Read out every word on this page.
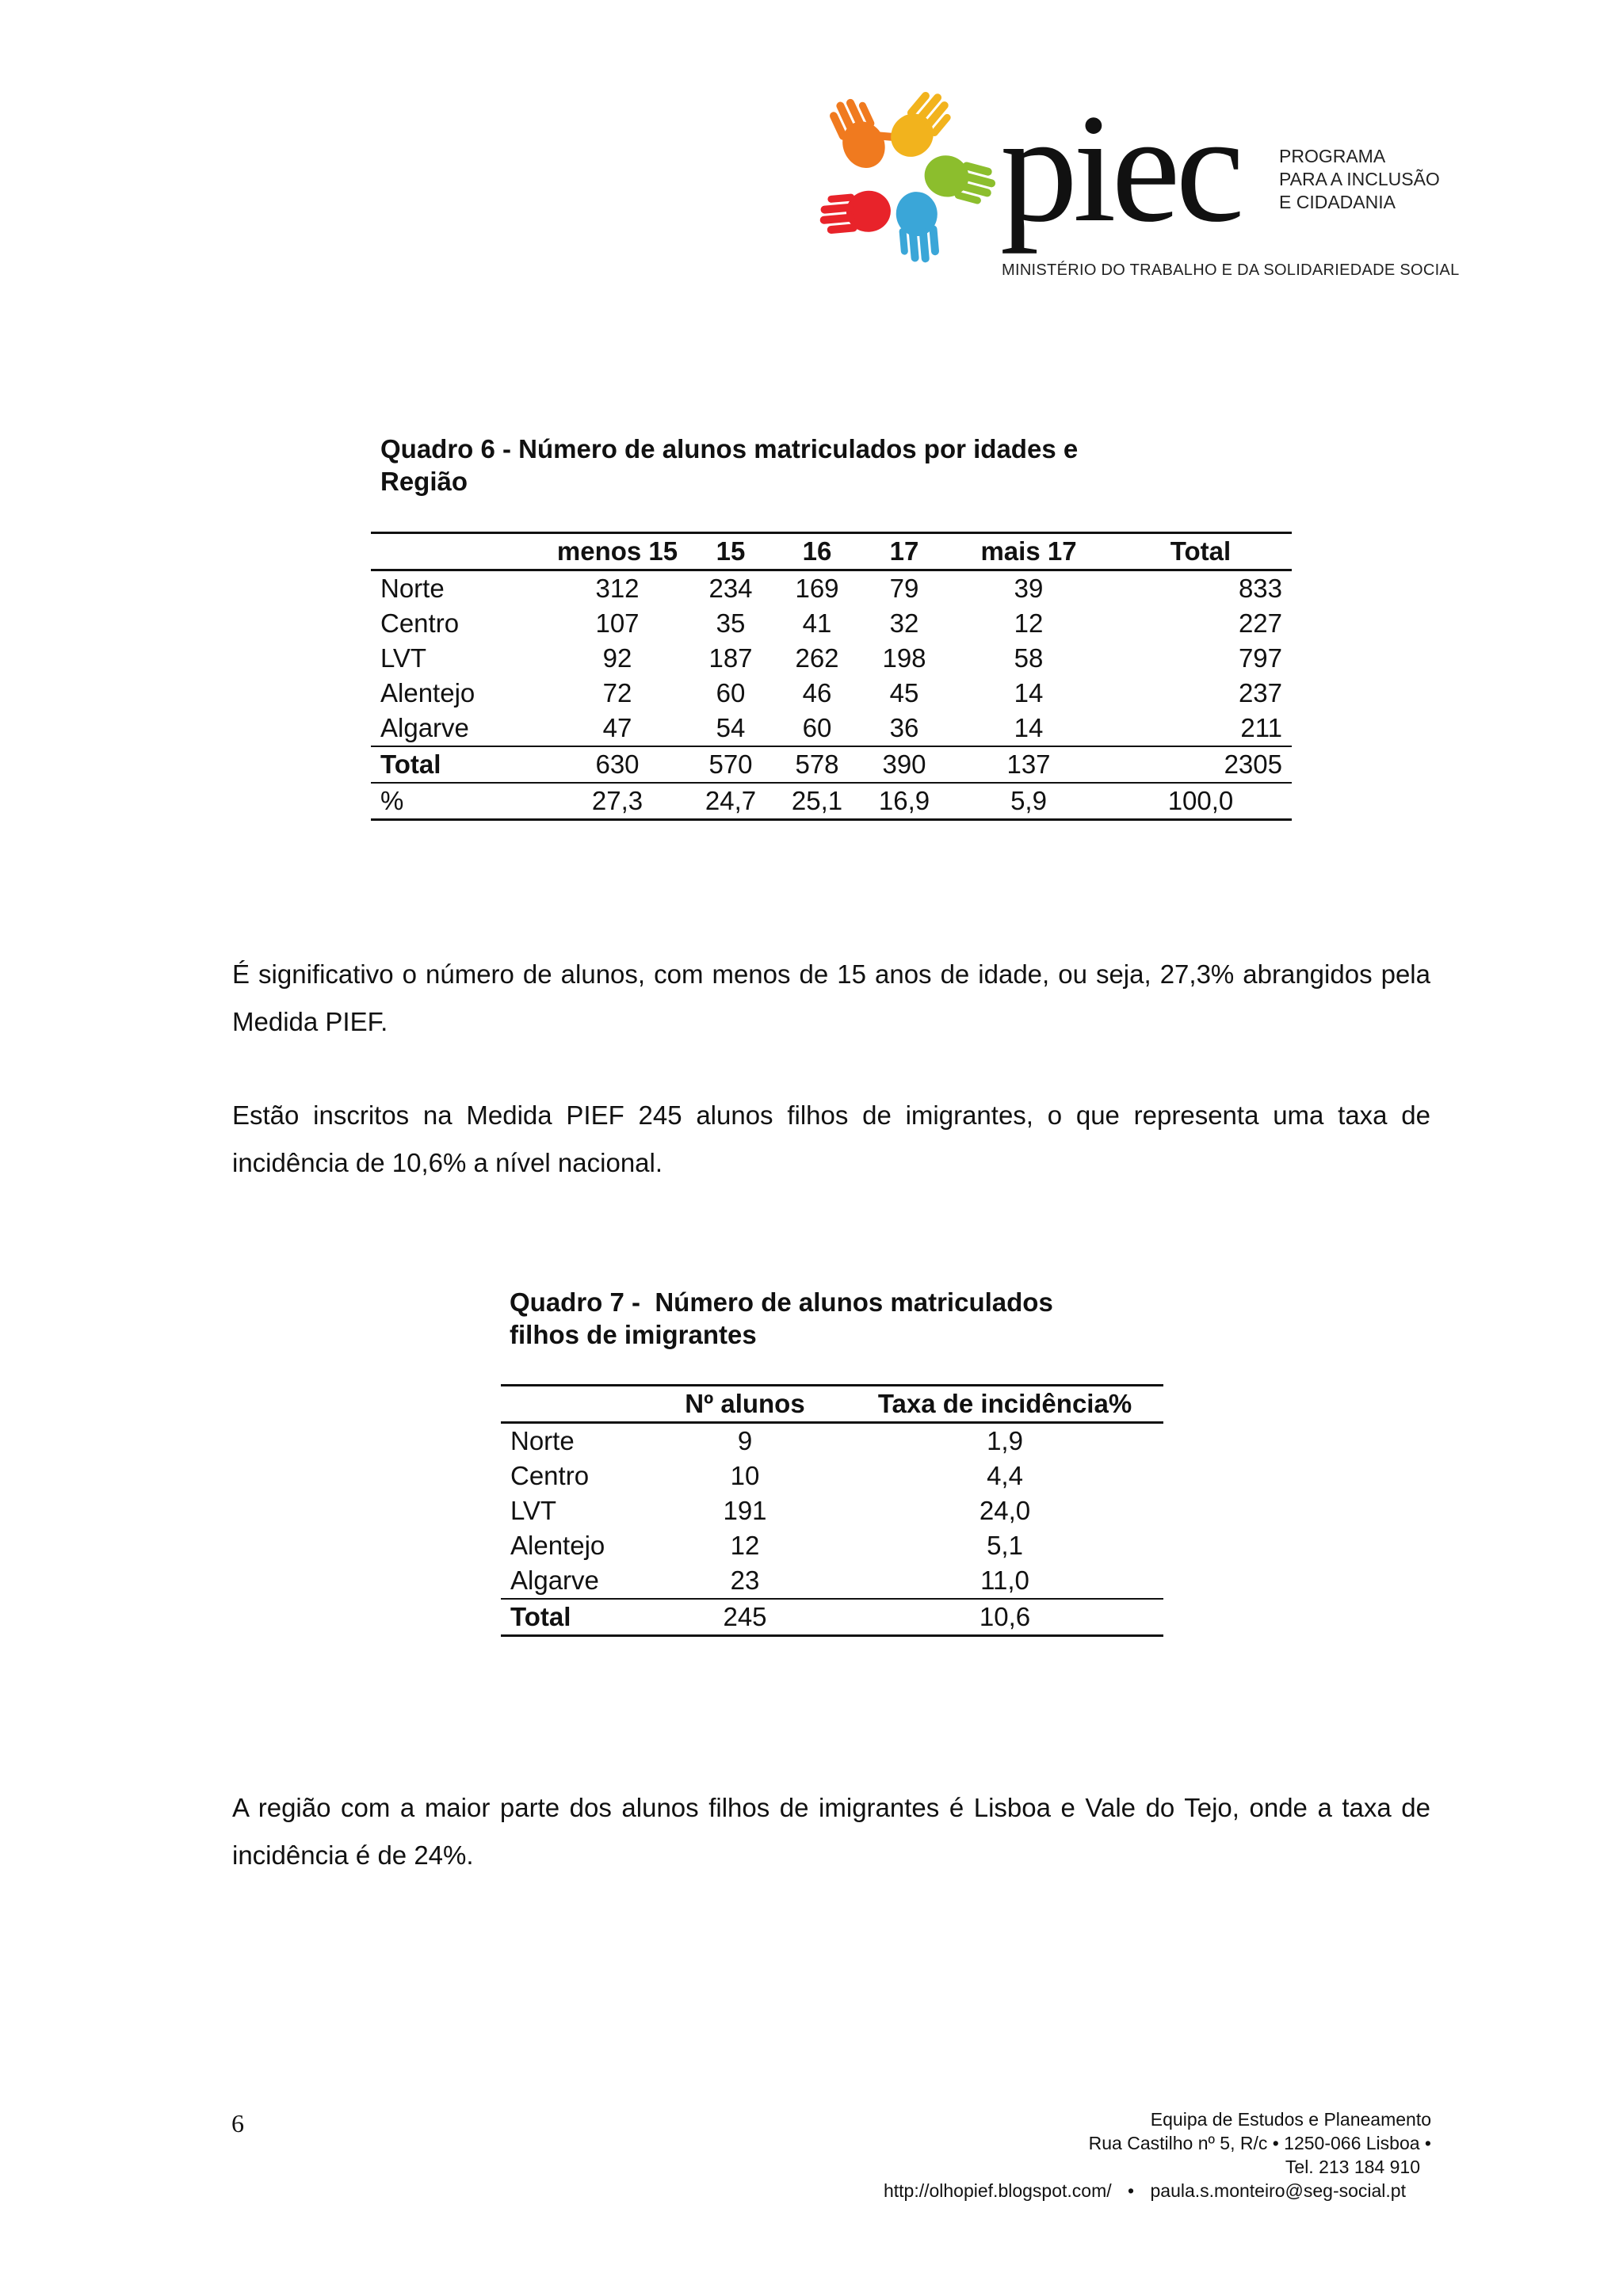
piec PROGRAMA
PARA A INCLUSÃO
E CIDADANIA
MINISTÉRIO DO TRABALHO E DA SOLIDARIEDADE SOCIAL
Quadro 6 - Número de alunos matriculados por idades e
Região
	menos 15	15	16	17	mais 17	Total
Norte	312	234	169	79	39	833
Centro	107	35	41	32	12	227
LVT	92	187	262	198	58	797
Alentejo	72	60	46	45	14	237
Algarve	47	54	60	36	14	211
Total	630	570	578	390	137	2305
%	27,3	24,7	25,1	16,9	5,9	100,0
É significativo o número de alunos, com menos de 15 anos de idade, ou seja, 27,3% abrangidos pela Medida PIEF.
Estão inscritos na Medida PIEF 245 alunos filhos de imigrantes, o que representa uma taxa de incidência de 10,6% a nível nacional.
Quadro 7 -  Número de alunos matriculados
filhos de imigrantes
	Nº alunos	Taxa de incidência%
Norte	9	1,9
Centro	10	4,4
LVT	191	24,0
Alentejo	12	5,1
Algarve	23	11,0
Total	245	10,6
A região com a maior parte dos alunos filhos de imigrantes é Lisboa e Vale do Tejo, onde a taxa de incidência é de 24%.
6	Equipa de Estudos e Planeamento
Rua Castilho nº 5, R/c • 1250-066 Lisboa •
Tel. 213 184 910
http://olhopief.blogspot.com/ • paula.s.monteiro@seg-social.pt
